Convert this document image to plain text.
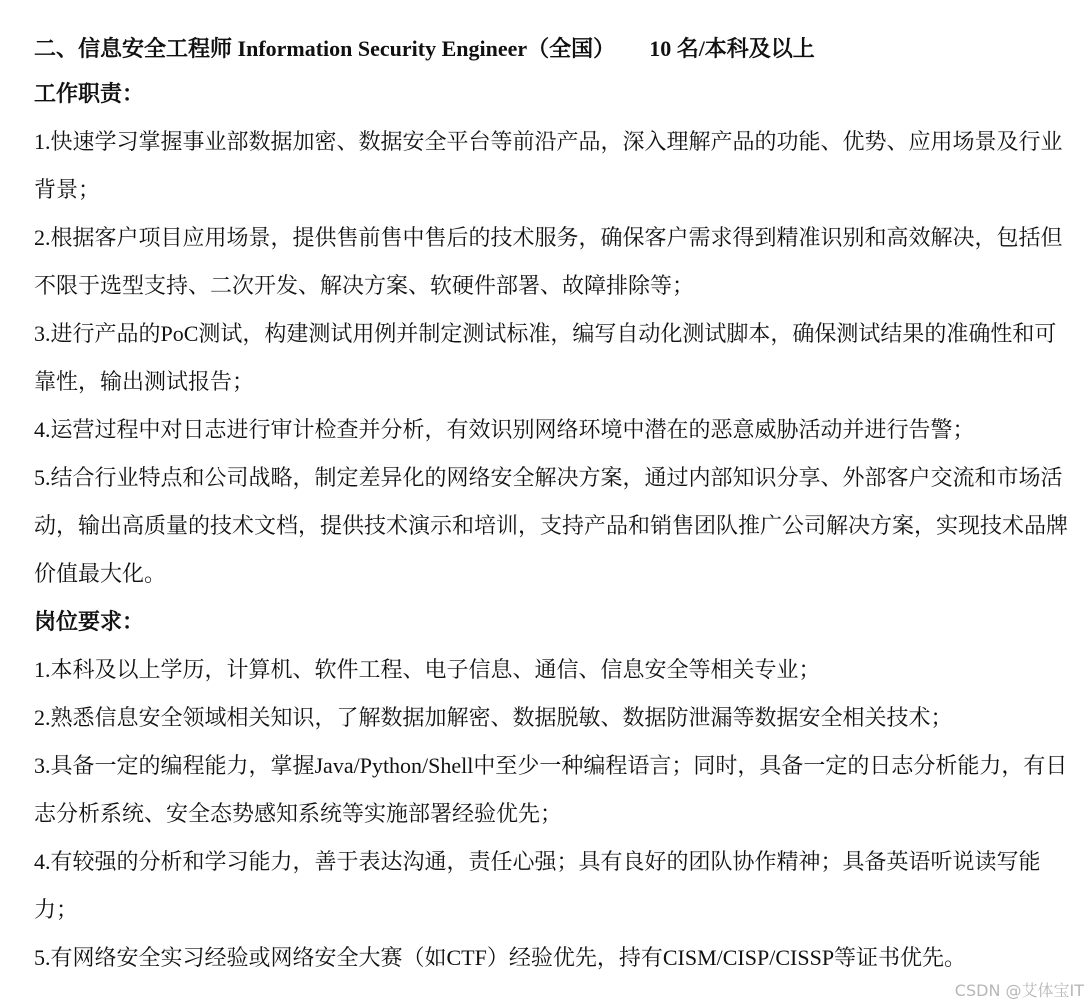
二、信息安全工程师 Information Security Engineer（全国） 10 名/本科及以上

工作职责：

1.快速学习掌握事业部数据加密、数据安全平台等前沿产品，深入理解产品的功能、优势、应用场景及行业背景；

2.根据客户项目应用场景，提供售前售中售后的技术服务，确保客户需求得到精准识别和高效解决，包括但不限于选型支持、二次开发、解决方案、软硬件部署、故障排除等；

3.进行产品的PoC测试，构建测试用例并制定测试标准，编写自动化测试脚本，确保测试结果的准确性和可靠性，输出测试报告；

4.运营过程中对日志进行审计检查并分析，有效识别网络环境中潜在的恶意威胁活动并进行告警；

5.结合行业特点和公司战略，制定差异化的网络安全解决方案，通过内部知识分享、外部客户交流和市场活动，输出高质量的技术文档，提供技术演示和培训，支持产品和销售团队推广公司解决方案，实现技术品牌价值最大化。

岗位要求：

1.本科及以上学历，计算机、软件工程、电子信息、通信、信息安全等相关专业；

2.熟悉信息安全领域相关知识，了解数据加解密、数据脱敏、数据防泄漏等数据安全相关技术；

3.具备一定的编程能力，掌握Java/Python/Shell中至少一种编程语言；同时，具备一定的日志分析能力，有日志分析系统、安全态势感知系统等实施部署经验优先；

4.有较强的分析和学习能力，善于表达沟通，责任心强；具有良好的团队协作精神；具备英语听说读写能力；

5.有网络安全实习经验或网络安全大赛（如CTF）经验优先，持有CISM/CISP/CISSP等证书优先。

CSDN @艾体宝IT
